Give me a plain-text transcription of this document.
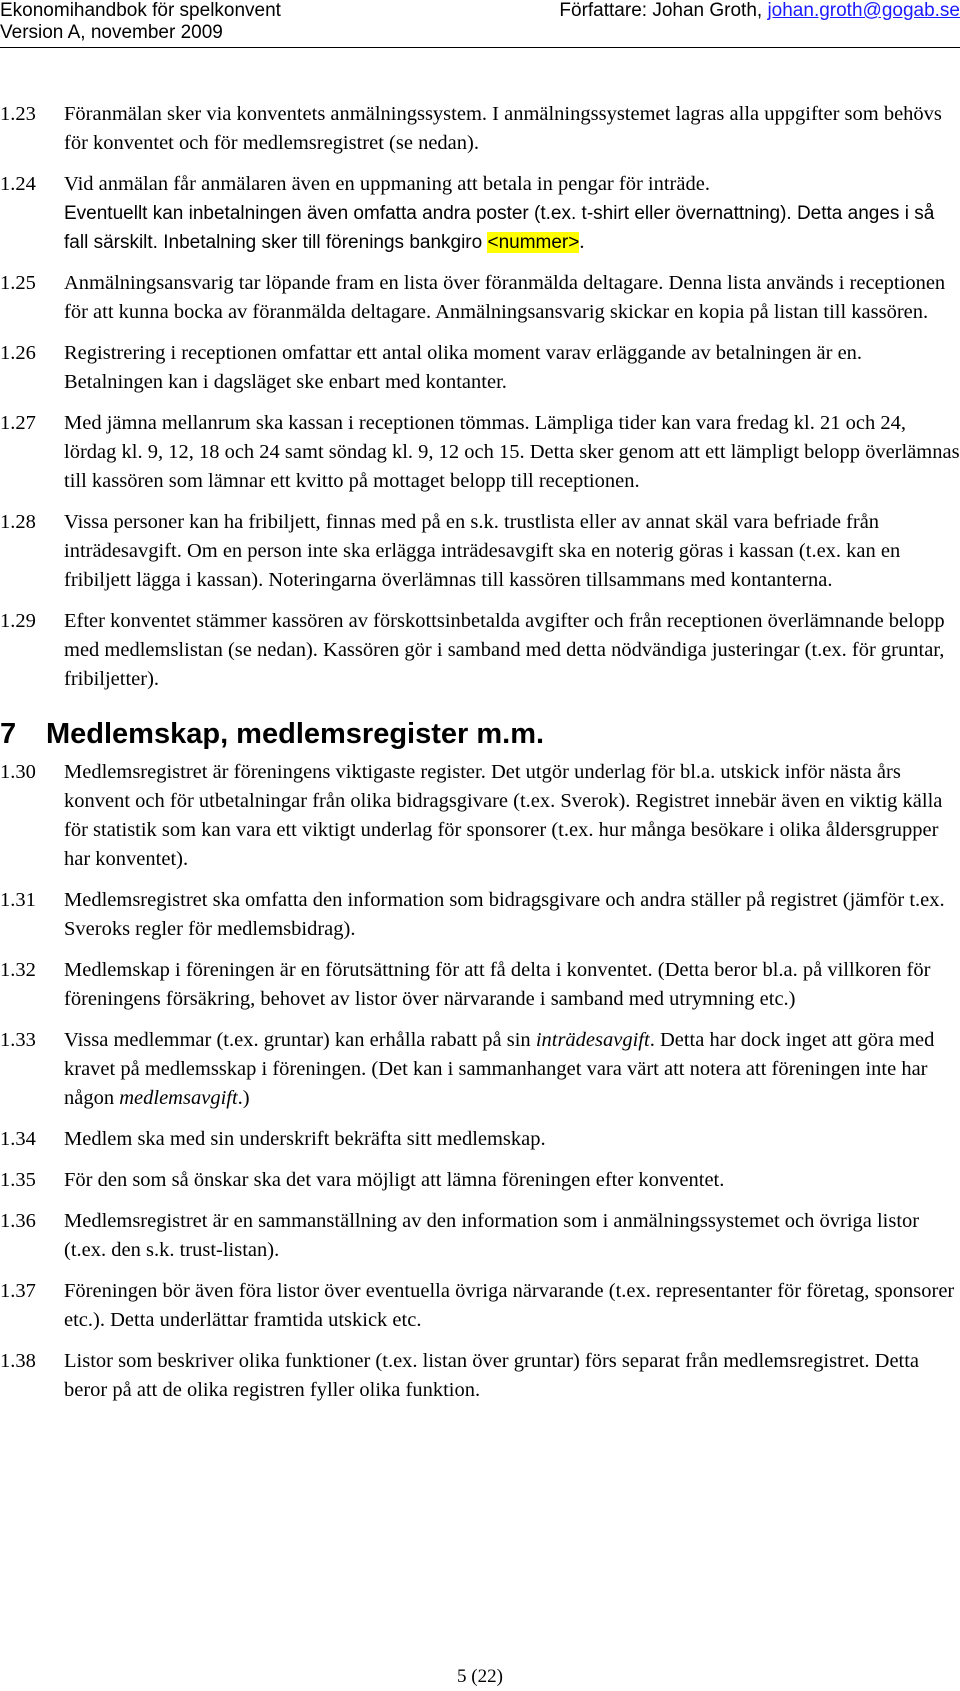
Ekonomihandbok för spelkonvent	Författare: Johan Groth, johan.groth@gogab.se
Version A, november 2009
1.23	Föranmälan sker via konventets anmälningssystem. I anmälningssystemet lagras alla uppgifter som behövs för konventet och för medlemsregistret (se nedan).
1.24	Vid anmälan får anmälaren även en uppmaning att betala in pengar för inträde.
Eventuellt kan inbetalningen även omfatta andra poster (t.ex. t-shirt eller övernattning). Detta anges i så fall särskilt. Inbetalning sker till förenings bankgiro <nummer>.
1.25	Anmälningsansvarig tar löpande fram en lista över föranmälda deltagare. Denna lista används i receptionen för att kunna bocka av föranmälda deltagare. Anmälningsansvarig skickar en kopia på listan till kassören.
1.26	Registrering i receptionen omfattar ett antal olika moment varav erläggande av betalningen är en. Betalningen kan i dagsläget ske enbart med kontanter.
1.27	Med jämna mellanrum ska kassan i receptionen tömmas. Lämpliga tider kan vara fredag kl. 21 och 24, lördag kl. 9, 12, 18 och 24 samt söndag kl. 9, 12 och 15. Detta sker genom att ett lämpligt belopp överlämnas till kassören som lämnar ett kvitto på mottaget belopp till receptionen.
1.28	Vissa personer kan ha fribiljett, finnas med på en s.k. trustlista eller av annat skäl vara befriade från inträdesavgift. Om en person inte ska erlägga inträdesavgift ska en noterig göras i kassan (t.ex. kan en fribiljett lägga i kassan). Noteringarna överlämnas till kassören tillsammans med kontanterna.
1.29	Efter konventet stämmer kassören av förskottsinbetalda avgifter och från receptionen överlämnande belopp med medlemslistan (se nedan). Kassören gör i samband med detta nödvändiga justeringar (t.ex. för gruntar, fribiljetter).
7 Medlemskap, medlemsregister m.m.
1.30	Medlemsregistret är föreningens viktigaste register. Det utgör underlag för bl.a. utskick inför nästa års konvent och för utbetalningar från olika bidragsgivare (t.ex. Sverok). Registret innebär även en viktig källa för statistik som kan vara ett viktigt underlag för sponsorer (t.ex. hur många besökare i olika åldersgrupper har konventet).
1.31	Medlemsregistret ska omfatta den information som bidragsgivare och andra ställer på registret (jämför t.ex. Sveroks regler för medlemsbidrag).
1.32	Medlemskap i föreningen är en förutsättning för att få delta i konventet. (Detta beror bl.a. på villkoren för föreningens försäkring, behovet av listor över närvarande i samband med utrymning etc.)
1.33	Vissa medlemmar (t.ex. gruntar) kan erhålla rabatt på sin inträdesavgift. Detta har dock inget att göra med kravet på medlemsskap i föreningen. (Det kan i sammanhanget vara värt att notera att föreningen inte har någon medlemsavgift.)
1.34	Medlem ska med sin underskrift bekräfta sitt medlemskap.
1.35	För den som så önskar ska det vara möjligt att lämna föreningen efter konventet.
1.36	Medlemsregistret är en sammanställning av den information som i anmälningssystemet och övriga listor (t.ex. den s.k. trust-listan).
1.37	Föreningen bör även föra listor över eventuella övriga närvarande (t.ex. representanter för företag, sponsorer etc.). Detta underlättar framtida utskick etc.
1.38	Listor som beskriver olika funktioner (t.ex. listan över gruntar) förs separat från medlemsregistret. Detta beror på att de olika registren fyller olika funktion.
5 (22)
